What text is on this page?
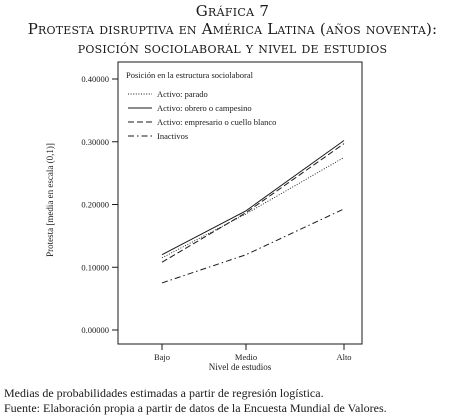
Gráfica 7
Protesta disruptiva en América Latina (años noventa):
posición sociolaboral y nivel de estudios
0.00000
0.10000
0.20000
0.30000
0.40000
Bajo	Medio	Alto
Protesta [media en escala (0,1)]
Nivel de estudios
Posición en la estructura sociolaboral
Activo: parado
Activo: obrero o campesino
Activo: empresario o cuello blanco
Inactivos
Medias de probabilidades estimadas a partir de regresión logística.
Fuente: Elaboración propia a partir de datos de la Encuesta Mundial de Valores.
